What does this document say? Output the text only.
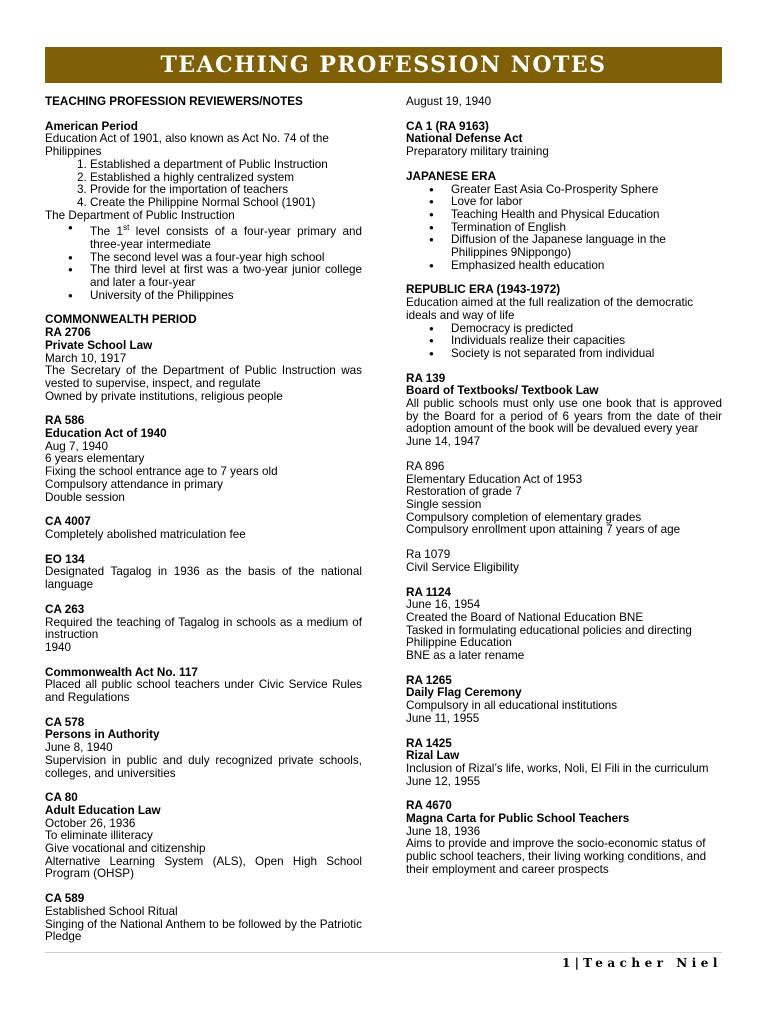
TEACHING PROFESSION NOTES

TEACHING PROFESSION REVIEWERS/NOTES

American Period

Education Act of 1901, also known as Act No. 74 of the Philippines

1. Established a department of Public Instruction
2. Established a highly centralized system
3. Provide for the importation of teachers
4. Create the Philippine Normal School (1901)

The Department of Public Instruction

● The 1st level consists of a four-year primary and three-year intermediate
● The second level was a four-year high school
● The third level at first was a two-year junior college and later a four-year
● University of the Philippines

COMMONWEALTH PERIOD

RA 2706

Private School Law

March 10, 1917

The Secretary of the Department of Public Instruction was vested to supervise, inspect, and regulate

Owned by private institutions, religious people

RA 586

Education Act of 1940

Aug 7, 1940

6 years elementary

Fixing the school entrance age to 7 years old

Compulsory attendance in primary

Double session

CA 4007

Completely abolished matriculation fee

EO 134

Designated Tagalog in 1936 as the basis of the national language

CA 263

Required the teaching of Tagalog in schools as a medium of instruction

1940

Commonwealth Act No. 117

Placed all public school teachers under Civic Service Rules and Regulations

CA 578

Persons in Authority

June 8, 1940

Supervision in public and duly recognized private schools, colleges, and universities

CA 80

Adult Education Law

October 26, 1936

To eliminate illiteracy

Give vocational and citizenship

Alternative Learning System (ALS), Open High School Program (OHSP)

CA 589

Established School Ritual

Singing of the National Anthem to be followed by the Patriotic Pledge

August 19, 1940

CA 1 (RA 9163)

National Defense Act

Preparatory military training

JAPANESE ERA

● Greater East Asia Co-Prosperity Sphere
● Love for labor
● Teaching Health and Physical Education
● Termination of English
● Diffusion of the Japanese language in the Philippines 9Nippongo)
● Emphasized health education

REPUBLIC ERA (1943-1972)

Education aimed at the full realization of the democratic ideals and way of life

● Democracy is predicted
● Individuals realize their capacities
● Society is not separated from individual

RA 139

Board of Textbooks/ Textbook Law

All public schools must only use one book that is approved by the Board for a period of 6 years from the date of their adoption amount of the book will be devalued every year

June 14, 1947

RA 896

Elementary Education Act of 1953

Restoration of grade 7

Single session

Compulsory completion of elementary grades

Compulsory enrollment upon attaining 7 years of age

Ra 1079

Civil Service Eligibility

RA 1124

June 16, 1954

Created the Board of National Education BNE

Tasked in formulating educational policies and directing Philippine Education

BNE as a later rename

RA 1265

Daily Flag Ceremony

Compulsory in all educational institutions

June 11, 1955

RA 1425

Rizal Law

Inclusion of Rizal’s life, works, Noli, El Fili in the curriculum

June 12, 1955

RA 4670

Magna Carta for Public School Teachers

June 18, 1936

Aims to provide and improve the socio-economic status of public school teachers, their living working conditions, and their employment and career prospects

1 | Teacher Niel
